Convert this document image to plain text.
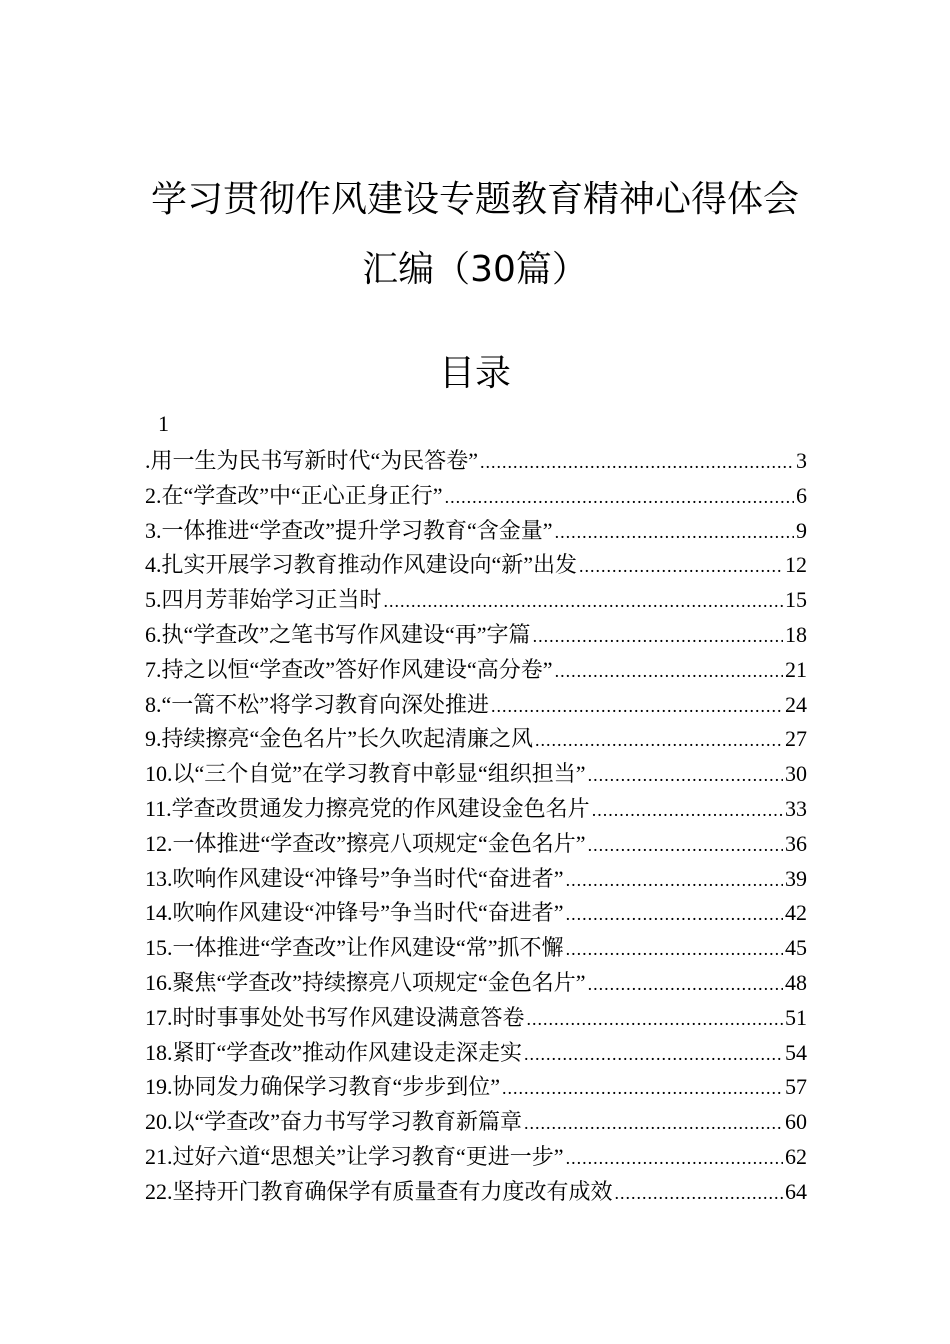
学习贯彻作风建设专题教育精神心得体会
汇编（30篇）
目录
1
.用一生为民书写新时代“为民答卷” .....	3
2.在“学查改”中“正心正身正行” .....	6
3.一体推进“学查改”提升学习教育“含金量” .....	9
4.扎实开展学习教育推动作风建设向“新”出发 .....	12
5.四月芳菲始学习正当时 .....	15
6.执“学查改”之笔书写作风建设“再”字篇 .....	18
7.持之以恒“学查改”答好作风建设“高分卷” .....	21
8.“一篙不松”将学习教育向深处推进 .....	24
9.持续擦亮“金色名片”长久吹起清廉之风 .....	27
10.以“三个自觉”在学习教育中彰显“组织担当” .....	30
11.学查改贯通发力擦亮党的作风建设金色名片 .....	33
12.一体推进“学查改”擦亮八项规定“金色名片” .....	36
13.吹响作风建设“冲锋号”争当时代“奋进者” .....	39
14.吹响作风建设“冲锋号”争当时代“奋进者” .....	42
15.一体推进“学查改”让作风建设“常”抓不懈 .....	45
16.聚焦“学查改”持续擦亮八项规定“金色名片” .....	48
17.时时事事处处书写作风建设满意答卷 .....	51
18.紧盯“学查改”推动作风建设走深走实 .....	54
19.协同发力确保学习教育“步步到位” .....	57
20.以“学查改”奋力书写学习教育新篇章 .....	60
21.过好六道“思想关”让学习教育“更进一步” .....	62
22.坚持开门教育确保学有质量查有力度改有成效 .....	64
